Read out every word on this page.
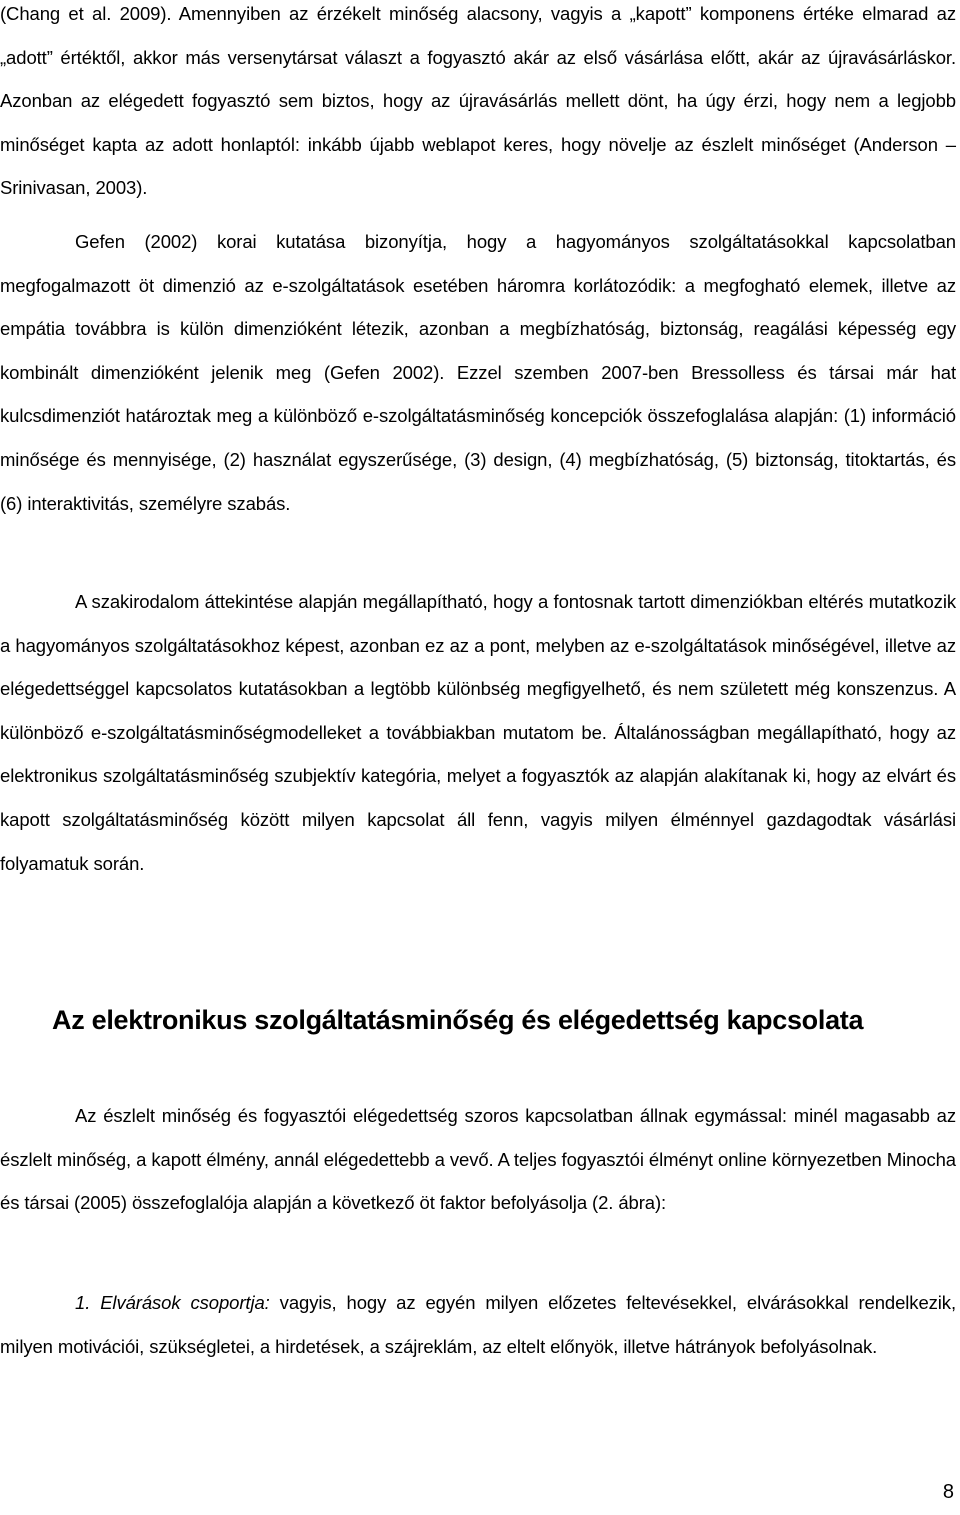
(Chang et al. 2009). Amennyiben az érzékelt minőség alacsony, vagyis a „kapott” komponens értéke elmarad az „adott” értéktől, akkor más versenytársat választ a fogyasztó akár az első vásárlása előtt, akár az újravásárláskor. Azonban az elégedett fogyasztó sem biztos, hogy az újravásárlás mellett dönt, ha úgy érzi, hogy nem a legjobb minőséget kapta az adott honlaptól: inkább újabb weblapot keres, hogy növelje az észlelt minőséget (Anderson – Srinivasan, 2003).

Gefen (2002) korai kutatása bizonyítja, hogy a hagyományos szolgáltatásokkal kapcsolatban megfogalmazott öt dimenzió az e-szolgáltatások esetében háromra korlátozódik: a megfogható elemek, illetve az empátia továbbra is külön dimenzióként létezik, azonban a megbízhatóság, biztonság, reagálási képesség egy kombinált dimenzióként jelenik meg (Gefen 2002). Ezzel szemben 2007-ben Bressolless és társai már hat kulcsdimenziót határoztak meg a különböző e-szolgáltatásminőség koncepciók összefoglalása alapján: (1) információ minősége és mennyisége, (2) használat egyszerűsége, (3) design, (4) megbízhatóság, (5) biztonság, titoktartás, és (6) interaktivitás, személyre szabás.

A szakirodalom áttekintése alapján megállapítható, hogy a fontosnak tartott dimenziókban eltérés mutatkozik a hagyományos szolgáltatásokhoz képest, azonban ez az a pont, melyben az e-szolgáltatások minőségével, illetve az elégedettséggel kapcsolatos kutatásokban a legtöbb különbség megfigyelhető, és nem született még konszenzus. A különböző e-szolgáltatásminőségmodelleket a továbbiakban mutatom be. Általánosságban megállapítható, hogy az elektronikus szolgáltatásminőség szubjektív kategória, melyet a fogyasztók az alapján alakítanak ki, hogy az elvárt és kapott szolgáltatásminőség között milyen kapcsolat áll fenn, vagyis milyen élménnyel gazdagodtak vásárlási folyamatuk során.

Az elektronikus szolgáltatásminőség és elégedettség kapcsolata

Az észlelt minőség és fogyasztói elégedettség szoros kapcsolatban állnak egymással: minél magasabb az észlelt minőség, a kapott élmény, annál elégedettebb a vevő. A teljes fogyasztói élményt online környezetben Minocha és társai (2005) összefoglalója alapján a következő öt faktor befolyásolja (2. ábra):

1. Elvárások csoportja: vagyis, hogy az egyén milyen előzetes feltevésekkel, elvárásokkal rendelkezik, milyen motivációi, szükségletei, a hirdetések, a szájreklám, az eltelt előnyök, illetve hátrányok befolyásolnak.

8
